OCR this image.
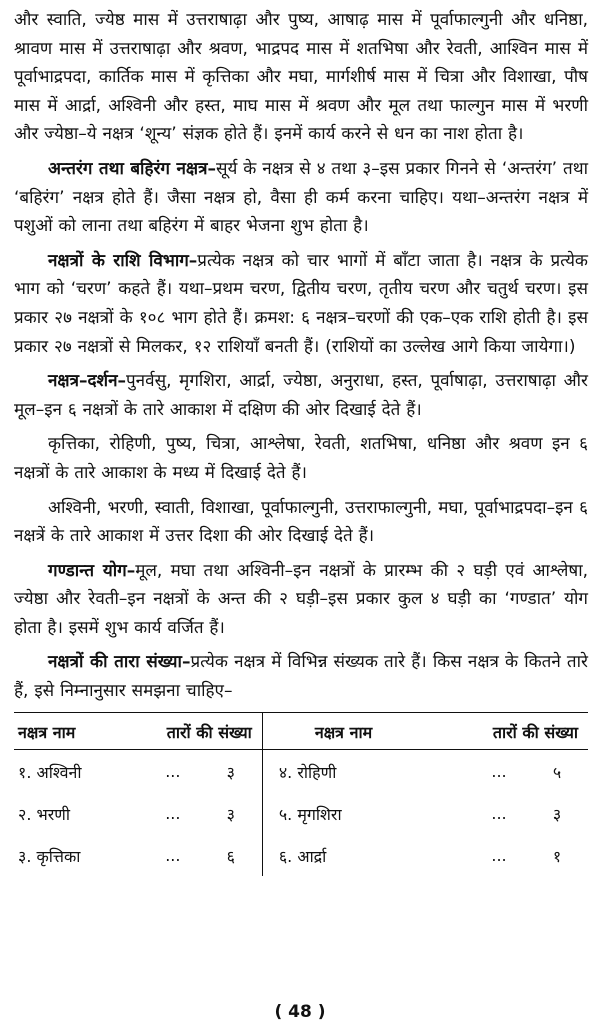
और स्वाति, ज्येष्ठ मास में उत्तराषाढ़ा और पुष्य, आषाढ़ मास में पूर्वाफाल्गुनी और धनिष्ठा, श्रावण मास में उत्तराषाढ़ा और श्रवण, भाद्रपद मास में शतभिषा और रेवती, आश्विन मास में पूर्वाभाद्रपदा, कार्तिक मास में कृत्तिका और मघा, मार्गशीर्ष मास में चित्रा और विशाखा, पौष मास में आर्द्रा, अश्विनी और हस्त, माघ मास में श्रवण और मूल तथा फाल्गुन मास में भरणी और ज्येष्ठा–ये नक्षत्र ‘शून्य’ संज्ञक होते हैं। इनमें कार्य करने से धन का नाश होता है।

अन्तरंग तथा बहिरंग नक्षत्र–सूर्य के नक्षत्र से ४ तथा ३–इस प्रकार गिनने से ‘अन्तरंग’ तथा ‘बहिरंग’ नक्षत्र होते हैं। जैसा नक्षत्र हो, वैसा ही कर्म करना चाहिए। यथा–अन्तरंग नक्षत्र में पशुओं को लाना तथा बहिरंग में बाहर भेजना शुभ होता है।

नक्षत्रों के राशि विभाग–प्रत्येक नक्षत्र को चार भागों में बाँटा जाता है। नक्षत्र के प्रत्येक भाग को ‘चरण’ कहते हैं। यथा–प्रथम चरण, द्वितीय चरण, तृतीय चरण और चतुर्थ चरण। इस प्रकार २७ नक्षत्रों के १०८ भाग होते हैं। क्रमश: ६ नक्षत्र–चरणों की एक–एक राशि होती है। इस प्रकार २७ नक्षत्रों से मिलकर, १२ राशियाँ बनती हैं। (राशियों का उल्लेख आगे किया जायेगा।)

नक्षत्र–दर्शन–पुनर्वसु, मृगशिरा, आर्द्रा, ज्येष्ठा, अनुराधा, हस्त, पूर्वाषाढ़ा, उत्तराषाढ़ा और मूल–इन ६ नक्षत्रों के तारे आकाश में दक्षिण की ओर दिखाई देते हैं।

कृत्तिका, रोहिणी, पुष्य, चित्रा, आश्लेषा, रेवती, शतभिषा, धनिष्ठा और श्रवण इन ६ नक्षत्रों के तारे आकाश के मध्य में दिखाई देते हैं।

अश्विनी, भरणी, स्वाती, विशाखा, पूर्वाफाल्गुनी, उत्तराफाल्गुनी, मघा, पूर्वाभाद्रपदा–इन ६ नक्षत्रें के तारे आकाश में उत्तर दिशा की ओर दिखाई देते हैं।

गण्डान्त योग–मूल, मघा तथा अश्विनी–इन नक्षत्रों के प्रारम्भ की २ घड़ी एवं आश्लेषा, ज्येष्ठा और रेवती–इन नक्षत्रों के अन्त की २ घड़ी–इस प्रकार कुल ४ घड़ी का ‘गण्डात’ योग होता है। इसमें शुभ कार्य वर्जित हैं।

नक्षत्रों की तारा संख्या–प्रत्येक नक्षत्र में विभिन्न संख्यक तारे हैं। किस नक्षत्र के कितने तारे हैं, इसे निम्नानुसार समझना चाहिए–

नक्षत्र नाम	तारों की संख्या		नक्षत्र नाम	तारों की संख्या	
१. अश्विनी	...	३	४. रोहिणी	...	५
२. भरणी	...	३	५. मृगशिरा	...	३
३. कृत्तिका	...	६	६. आर्द्रा	...	१
( 48 )
